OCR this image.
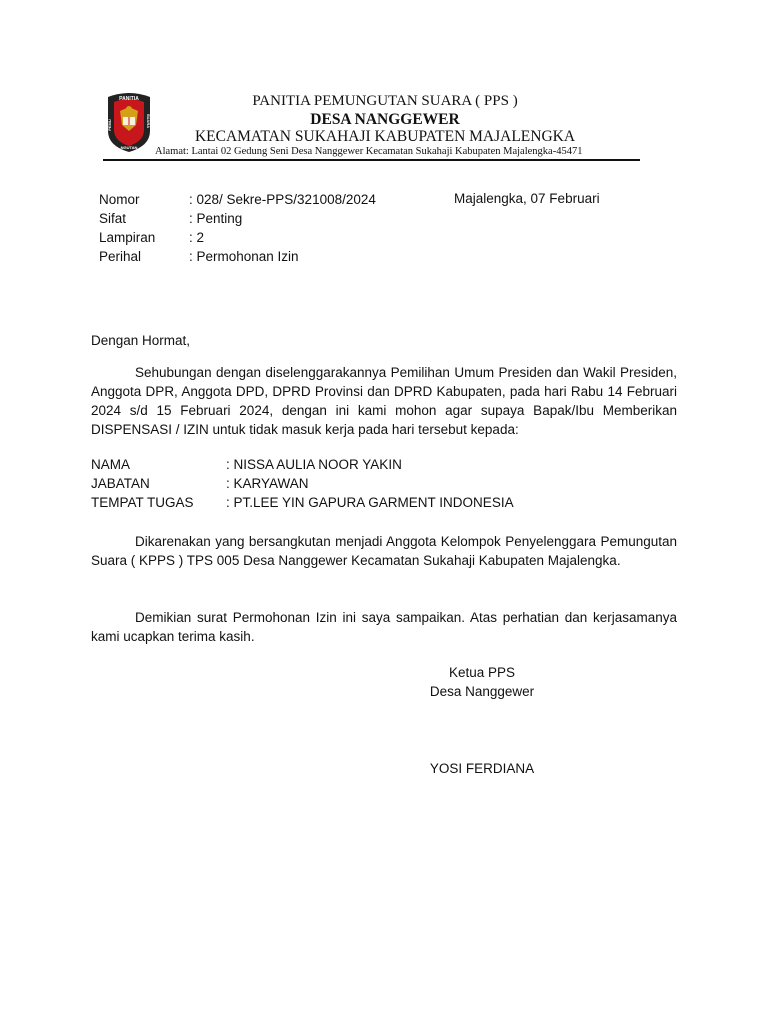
PANITIA
NGUTAN
PEMU	SUARA
PANITIA PEMUNGUTAN SUARA ( PPS )
DESA NANGGEWER
KECAMATAN SUKAHAJI KABUPATEN MAJALENGKA
Alamat: Lantai 02 Gedung Seni Desa Nanggewer Kecamatan Sukahaji Kabupaten Majalengka-45471
Nomor	: 028/ Sekre-PPS/321008/2024
Sifat	: Penting
Lampiran : 2
Perihal	: Permohonan Izin
Majalengka, 07 Februari
Dengan Hormat,
Sehubungan dengan diselenggarakannya Pemilihan Umum Presiden dan Wakil Presiden, Anggota DPR, Anggota DPD, DPRD Provinsi dan DPRD Kabupaten, pada hari Rabu 14 Februari 2024 s/d 15 Februari 2024, dengan ini kami mohon agar supaya Bapak/Ibu Memberikan DISPENSASI / IZIN untuk tidak masuk kerja pada hari tersebut kepada:
NAMA	: NISSA AULIA NOOR YAKIN
JABATAN	: KARYAWAN
TEMPAT TUGAS : PT.LEE YIN GAPURA GARMENT INDONESIA
Dikarenakan yang bersangkutan menjadi Anggota Kelompok Penyelenggara Pemungutan Suara ( KPPS ) TPS 005 Desa Nanggewer Kecamatan Sukahaji Kabupaten Majalengka.
Demikian surat Permohonan Izin ini saya sampaikan. Atas perhatian dan kerjasamanya kami ucapkan terima kasih.
Ketua PPS
Desa Nanggewer
YOSI FERDIANA
